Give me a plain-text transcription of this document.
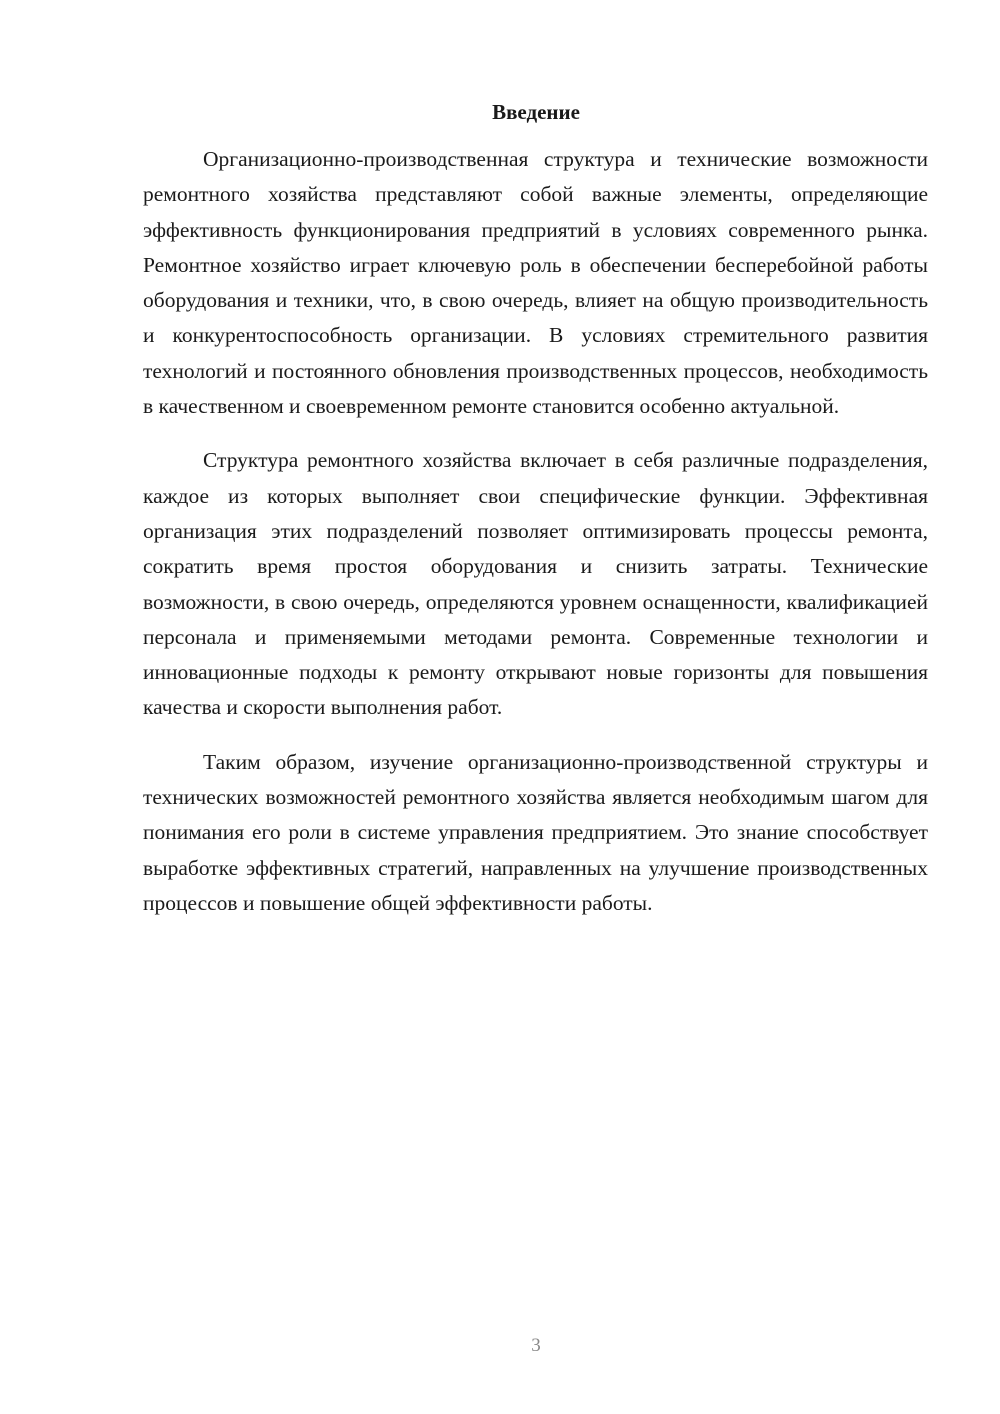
Введение

Организационно-производственная структура и технические возможности ремонтного хозяйства представляют собой важные элементы, определяющие эффективность функционирования предприятий в условиях современного рынка. Ремонтное хозяйство играет ключевую роль в обеспечении бесперебойной работы оборудования и техники, что, в свою очередь, влияет на общую производительность и конкурентоспособность организации. В условиях стремительного развития технологий и постоянного обновления производственных процессов, необходимость в качественном и своевременном ремонте становится особенно актуальной.

Структура ремонтного хозяйства включает в себя различные подразделения, каждое из которых выполняет свои специфические функции. Эффективная организация этих подразделений позволяет оптимизировать процессы ремонта, сократить время простоя оборудования и снизить затраты. Технические возможности, в свою очередь, определяются уровнем оснащенности, квалификацией персонала и применяемыми методами ремонта. Современные технологии и инновационные подходы к ремонту открывают новые горизонты для повышения качества и скорости выполнения работ.

Таким образом, изучение организационно-производственной структуры и технических возможностей ремонтного хозяйства является необходимым шагом для понимания его роли в системе управления предприятием. Это знание способствует выработке эффективных стратегий, направленных на улучшение производственных процессов и повышение общей эффективности работы.

3
